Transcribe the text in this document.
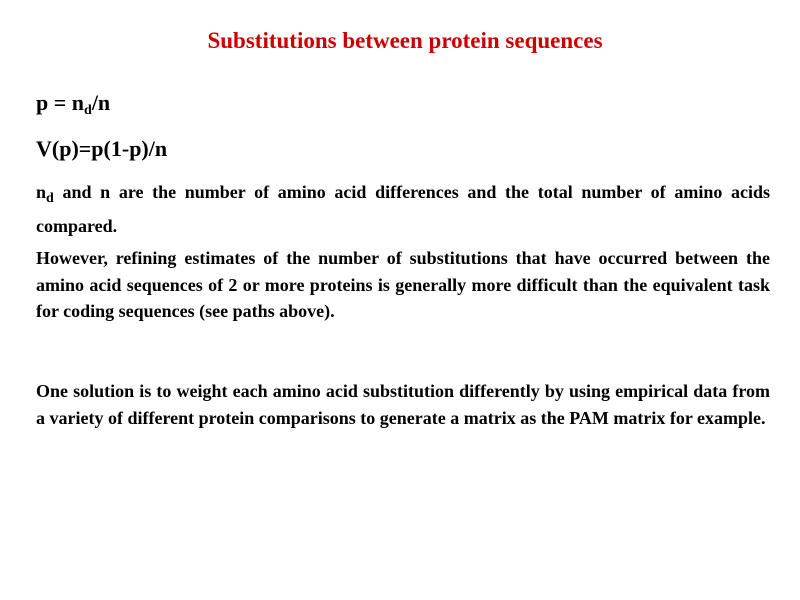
Substitutions between protein sequences
$p = n_d/n$
V(p)=p(1-p)/n
$n_d$ and n are the number of amino acid differences and the total number of amino acids compared.
However, refining estimates of the number of substitutions that have occurred between the amino acid sequences of 2 or more proteins is generally more difficult than the equivalent task for coding sequences (see paths above).
One solution is to weight each amino acid substitution differently by using empirical data from a variety of different protein comparisons to generate a matrix as the PAM matrix for example.
